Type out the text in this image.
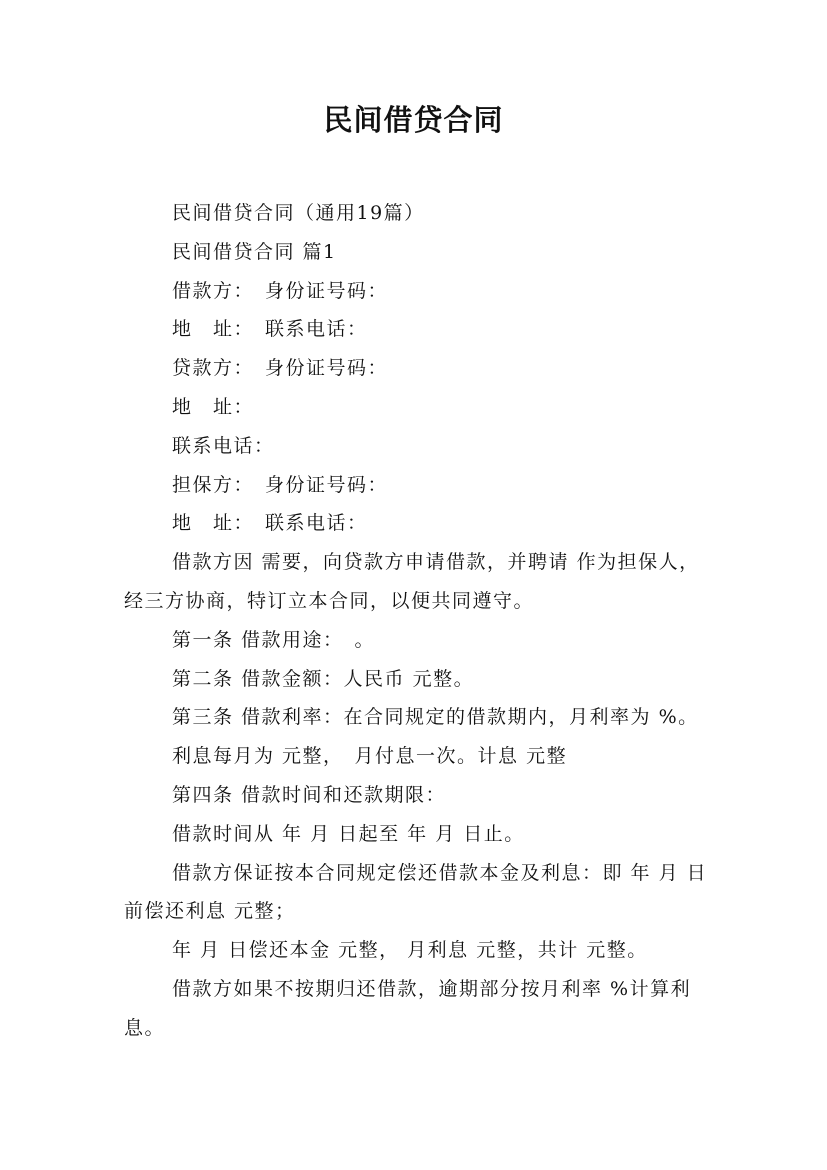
民间借贷合同

民间借贷合同（通用19篇）

民间借贷合同 篇1

借款方：　身份证号码：

地　址：　联系电话：

贷款方：　身份证号码：

地　址：

联系电话：

担保方：　身份证号码：

地　址：　联系电话：

借款方因 需要，向贷款方申请借款，并聘请 作为担保人，经三方协商，特订立本合同，以便共同遵守。

第一条 借款用途：　。

第二条 借款金额：人民币 元整。

第三条 借款利率：在合同规定的借款期内，月利率为 %。

利息每月为 元整，　月付息一次。计息 元整

第四条 借款时间和还款期限：

借款时间从 年 月 日起至 年 月 日止。

借款方保证按本合同规定偿还借款本金及利息：即 年 月 日前偿还利息 元整；

年 月 日偿还本金 元整， 月利息 元整，共计 元整。

借款方如果不按期归还借款，逾期部分按月利率 %计算利息。
